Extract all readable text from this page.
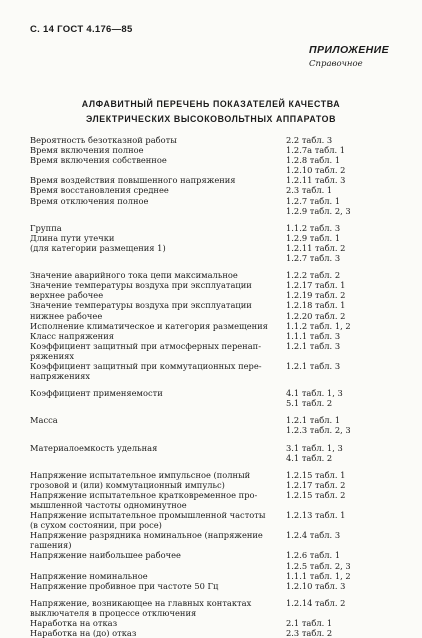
С. 14 ГОСТ 4.176—85
ПРИЛОЖЕНИЕ
Справочное
АЛФАВИТНЫЙ ПЕРЕЧЕНЬ ПОКАЗАТЕЛЕЙ КАЧЕСТВА
ЭЛЕКТРИЧЕСКИХ ВЫСОКОВОЛЬТНЫХ АППАРАТОВ
Вероятность безотказной работы	2.2 табл. 3
Время включения полное	1.2.7а табл. 1
Время включения собственное	1.2.8 табл. 1
1.2.10 табл. 2
Время воздействия повышенного напряжения	1.2.11 табл. 3
Время восстановления среднее	2.3 табл. 1
Время отключения полное	1.2.7 табл. 1
1.2.9 табл. 2, 3
Группа	1.1.2 табл. 3
Длина пути утечки	1.2.9 табл. 1
(для категории размещения 1)	1.2.11 табл. 2
1.2.7 табл. 3
Значение аварийного тока цепи максимальное	1.2.2 табл. 2
Значение температуры воздуха при эксплуатации	1.2.17 табл. 1
верхнее рабочее	1.2.19 табл. 2
Значение температуры воздуха при эксплуатации	1.2.18 табл. 1
нижнее рабочее	1.2.20 табл. 2
Исполнение климатическое и категория размещения	1.1.2 табл. 1, 2
Класс напряжения	1.1.1 табл. 3
Коэффициент защитный при атмосферных перенап-	1.2.1 табл. 3
ряжениях
Коэффициент защитный при коммутационных пере-	1.2.1 табл. 3
напряжениях
Коэффициент применяемости	4.1 табл. 1, 3
5.1 табл. 2
Масса	1.2.1 табл. 1
1.2.3 табл. 2, 3
Материалоемкость удельная	3.1 табл. 1, 3
4.1 табл. 2
Напряжение испытательное импульсное (полный	1.2.15 табл. 1
грозовой и (или) коммутационный импульс)	1.2.17 табл. 2
Напряжение испытательное кратковременное про-	1.2.15 табл. 2
мышленной частоты одноминутное
Напряжение испытательное промышленной частоты	1.2.13 табл. 1
(в сухом состоянии, при росе)
Напряжение разрядника номинальное (напряжение	1.2.4 табл. 3
гашения)
Напряжение наибольшее рабочее	1.2.6 табл. 1
1.2.5 табл. 2, 3
Напряжение номинальное	1.1.1 табл. 1, 2
Напряжение пробивное при частоте 50 Гц	1.2.10 табл. 3
Напряжение, возникающее на главных контактах	1.2.14 табл. 2
выключателя в процессе отключения
Наработка на отказ	2.1 табл. 1
Наработка на (до) отказ	2.3 табл. 2
